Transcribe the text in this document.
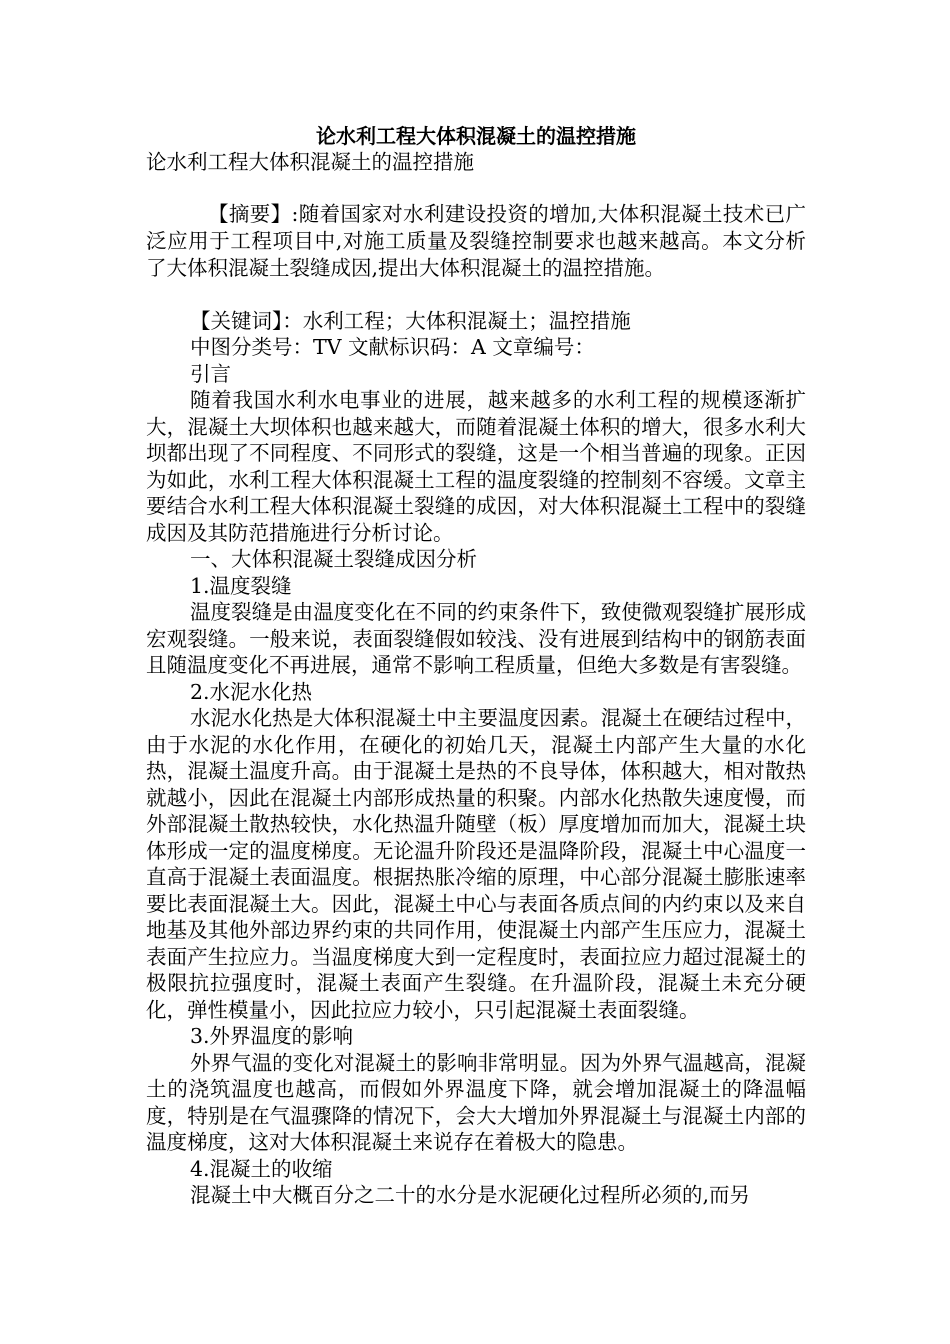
论水利工程大体积混凝土的温控措施
论水利工程大体积混凝土的温控措施
【摘要】:随着国家对水利建设投资的增加,大体积混凝土技术已广泛应用于工程项目中,对施工质量及裂缝控制要求也越来越高。本文分析了大体积混凝土裂缝成因,提出大体积混凝土的温控措施。
【关键词】：水利工程；大体积混凝土；温控措施
中图分类号：TV 文献标识码：A 文章编号：
引言
随着我国水利水电事业的进展，越来越多的水利工程的规模逐渐扩大，混凝土大坝体积也越来越大，而随着混凝土体积的增大，很多水利大坝都出现了不同程度、不同形式的裂缝，这是一个相当普遍的现象。正因为如此，水利工程大体积混凝土工程的温度裂缝的控制刻不容缓。文章主要结合水利工程大体积混凝土裂缝的成因，对大体积混凝土工程中的裂缝成因及其防范措施进行分析讨论。
一、大体积混凝土裂缝成因分析
1.温度裂缝
温度裂缝是由温度变化在不同的约束条件下，致使微观裂缝扩展形成宏观裂缝。一般来说，表面裂缝假如较浅、没有进展到结构中的钢筋表面且随温度变化不再进展，通常不影响工程质量，但绝大多数是有害裂缝。
2.水泥水化热
水泥水化热是大体积混凝土中主要温度因素。混凝土在硬结过程中，由于水泥的水化作用，在硬化的初始几天，混凝土内部产生大量的水化热，混凝土温度升高。由于混凝土是热的不良导体，体积越大，相对散热就越小，因此在混凝土内部形成热量的积聚。内部水化热散失速度慢，而外部混凝土散热较快，水化热温升随壁（板）厚度增加而加大，混凝土块体形成一定的温度梯度。无论温升阶段还是温降阶段，混凝土中心温度一直高于混凝土表面温度。根据热胀冷缩的原理，中心部分混凝土膨胀速率要比表面混凝土大。因此，混凝土中心与表面各质点间的内约束以及来自地基及其他外部边界约束的共同作用，使混凝土内部产生压应力，混凝土表面产生拉应力。当温度梯度大到一定程度时，表面拉应力超过混凝土的极限抗拉强度时，混凝土表面产生裂缝。在升温阶段，混凝土未充分硬化，弹性模量小，因此拉应力较小，只引起混凝土表面裂缝。
3.外界温度的影响
外界气温的变化对混凝土的影响非常明显。因为外界气温越高，混凝土的浇筑温度也越高，而假如外界温度下降，就会增加混凝土的降温幅度，特别是在气温骤降的情况下，会大大增加外界混凝土与混凝土内部的温度梯度，这对大体积混凝土来说存在着极大的隐患。
4.混凝土的收缩
混凝土中大概百分之二十的水分是水泥硬化过程所必须的,而另
